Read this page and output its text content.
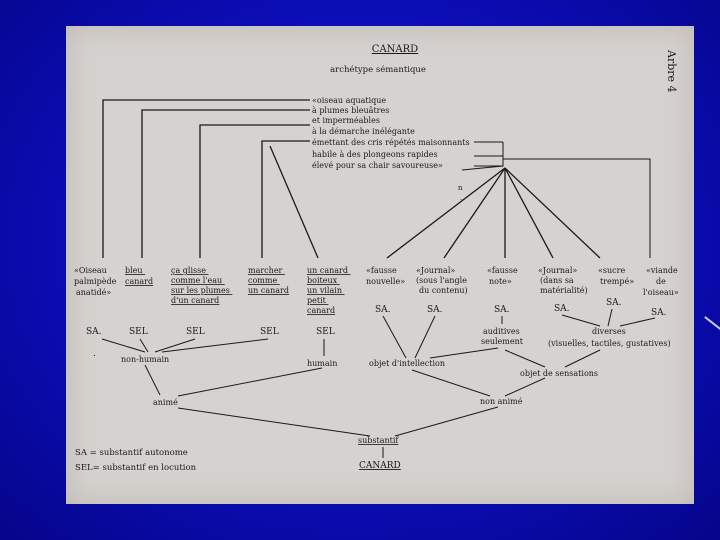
CANARD
archétype sémantique	Arbre 4
«oiseau aquatique
à plumes bleuâtres
et imperméables
à la démarche inélégante
émettant des cris répétés maisonnants
habile à des plongeons rapides
élevé pour sa chair savoureuse»
n
.
«Oiseau palmipède anatidé»
bleu canard
ça glisse comme l'eau sur les plumes d'un canard
marcher comme un canard
un canard boiteux un vilain petit canard
«fausse nouvelle»
«Journal» (sous l'angle du contenu)
«fausse note»
«Journal» (dans sa matérialité)
«sucre trempé»
«viande de l'oiseau»
SA.	SEL	SEL	SEL	SEL
SA.	SA.	SA.	SA.
SA.
SA.
.
non-humain	humain
auditives seulement
diverses (visuelles, tactiles, gustatives)
objet d'intellection
objet de sensations
animé	non animé
substantif
CANARD
SA = substantif autonome
SEL= substantif en locution
